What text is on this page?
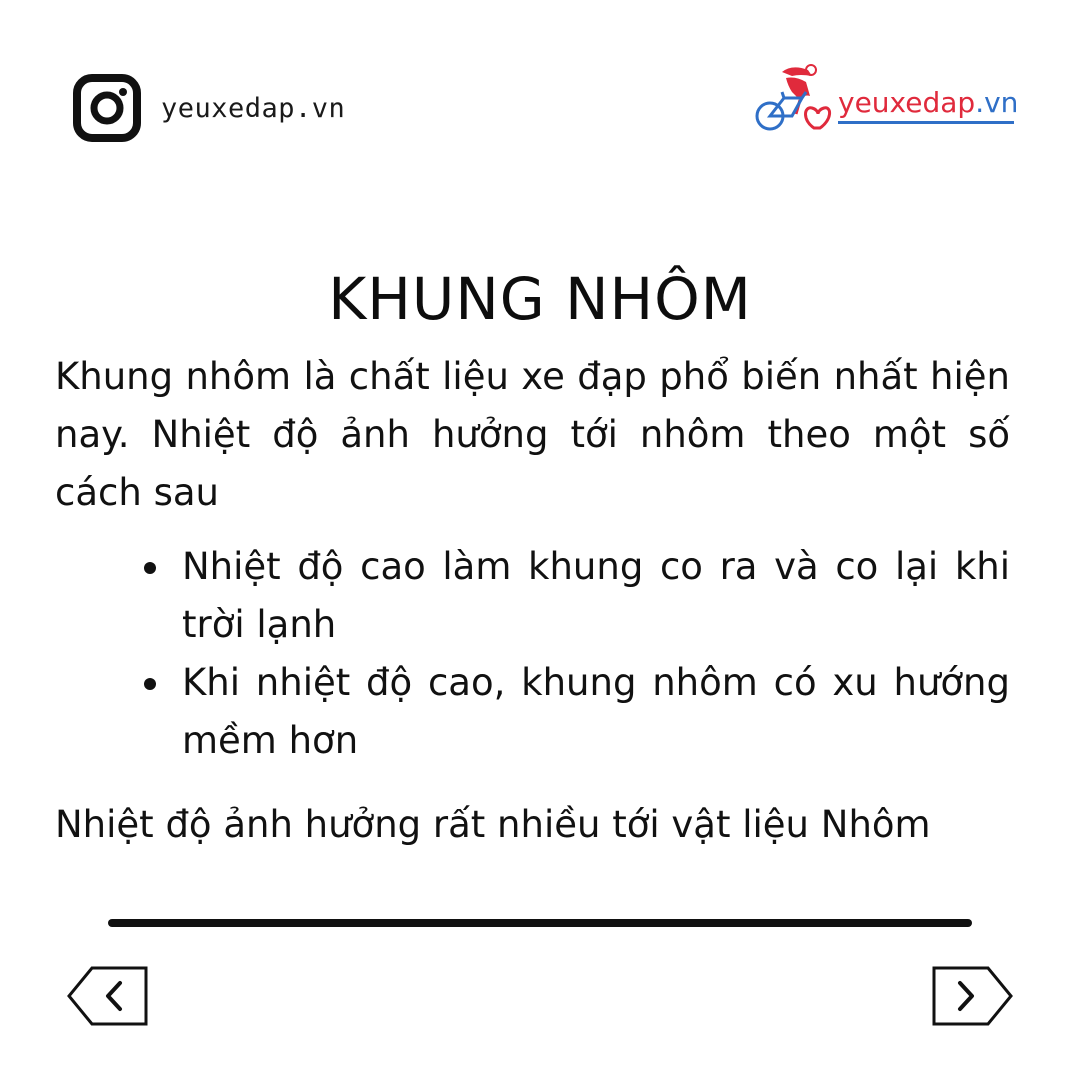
yeuxedap.vn	yeuxedap.vn
KHUNG NHÔM

Khung nhôm là chất liệu xe đạp phổ biến nhất hiện nay. Nhiệt độ ảnh hưởng tới nhôm theo một số cách sau

Nhiệt độ cao làm khung co ra và co lại khi trời lạnh
Khi nhiệt độ cao, khung nhôm có xu hướng mềm hơn

Nhiệt độ ảnh hưởng rất nhiều tới vật liệu Nhôm
